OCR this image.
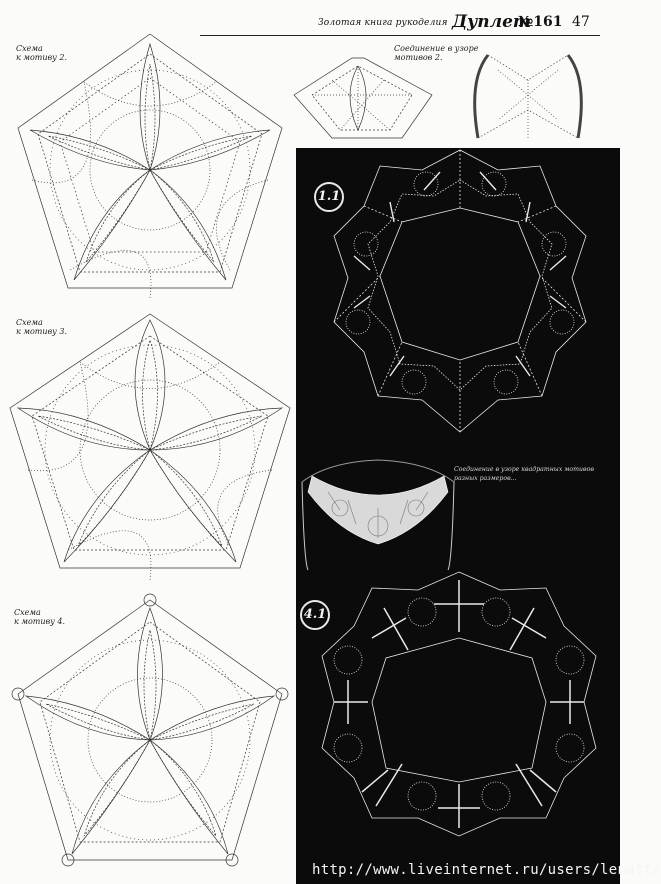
Золотая книга рукоделия Дуплет
№161 47
Схема
к мотиву 2.
Схема
к мотиву 3.
Схема
к мотиву 4.
Соединение в узоре
мотивов 2.
1.1
4.1
Соединение в узоре квадратных мотивов разных размеров...
http://www.liveinternet.ru/users/lenatt/
